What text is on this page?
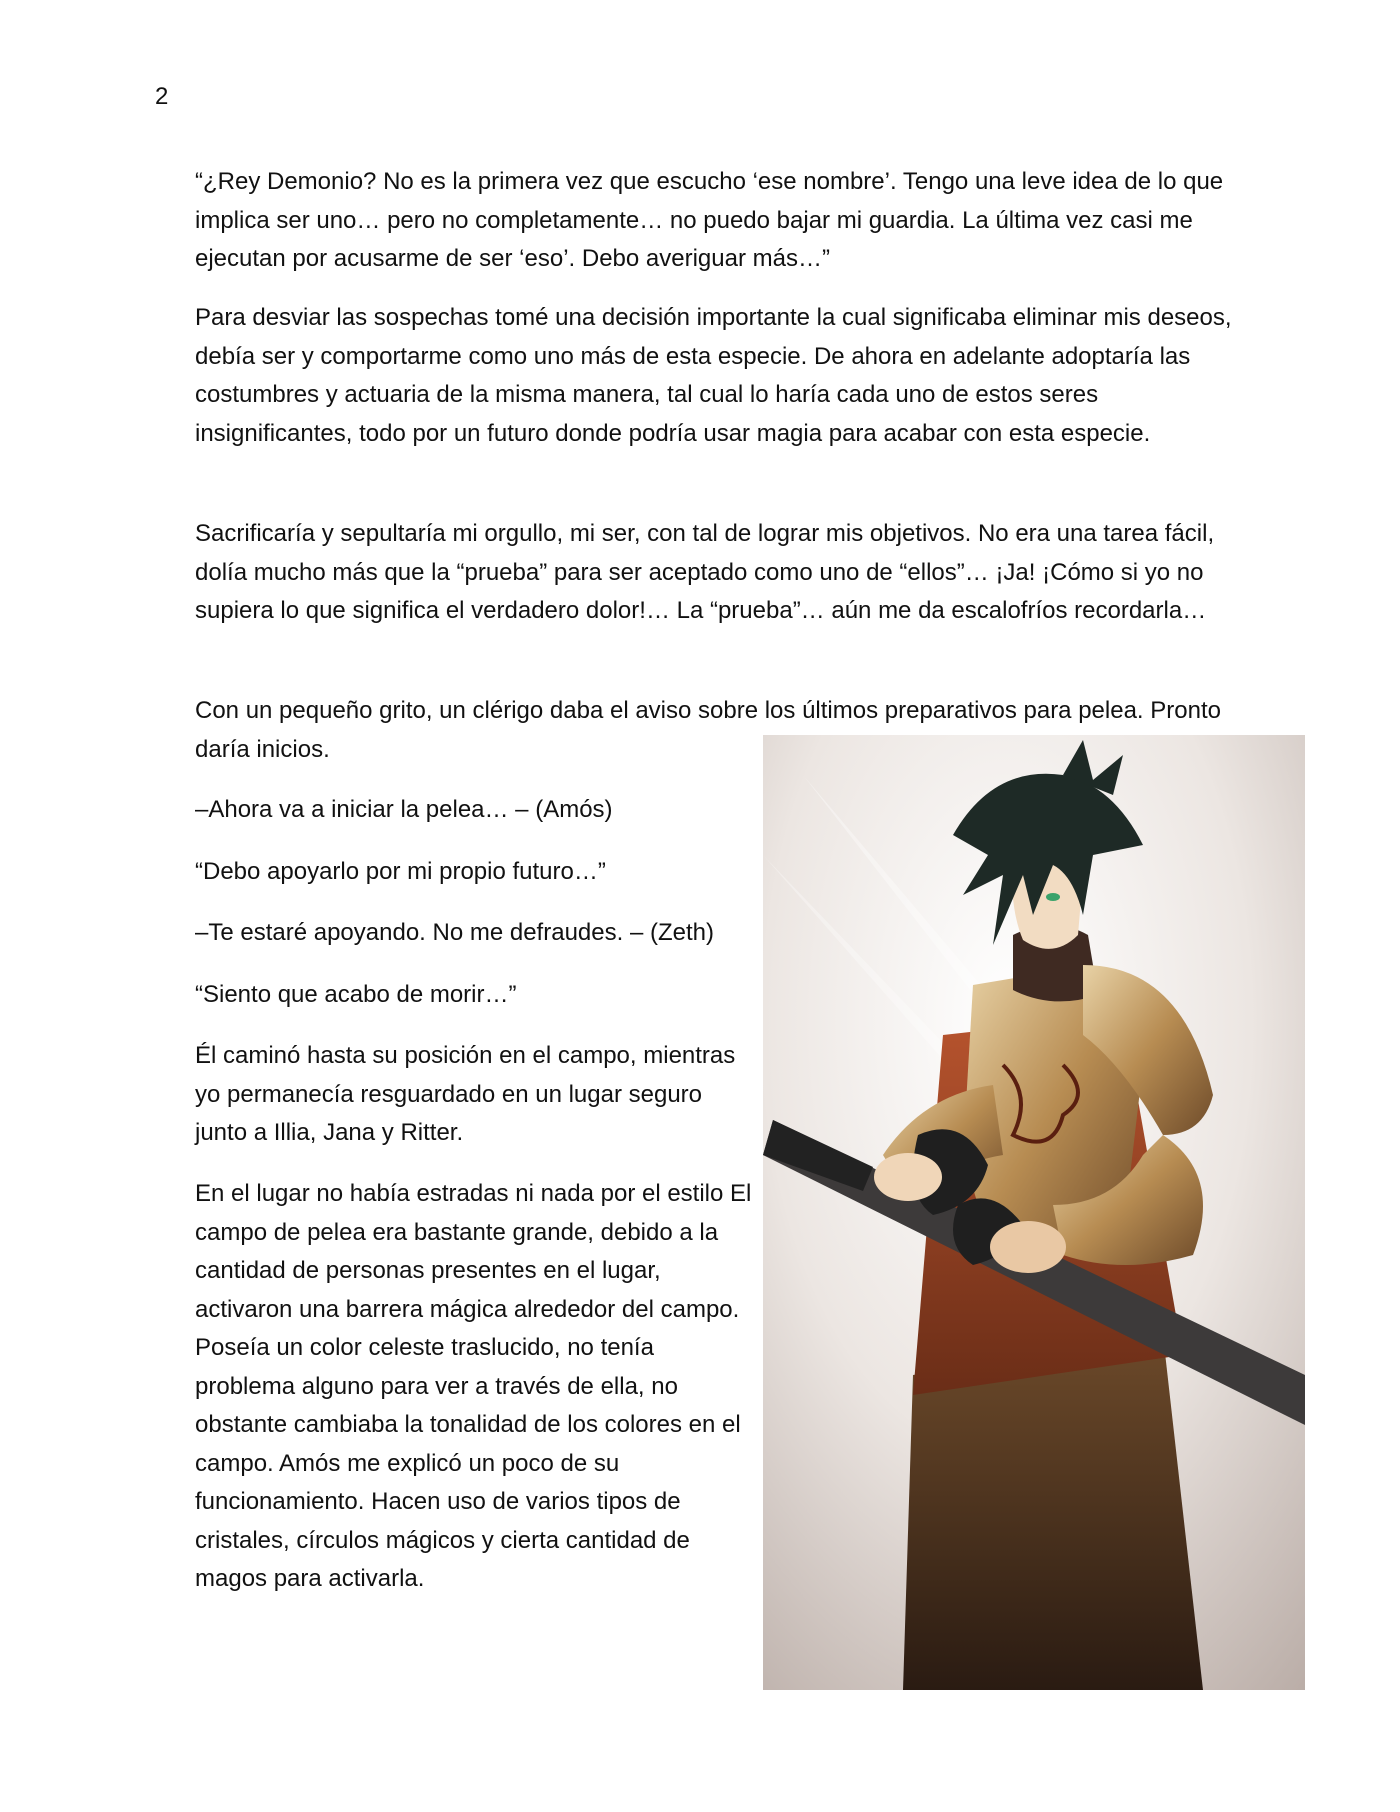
2

“¿Rey Demonio? No es la primera vez que escucho ‘ese nombre’. Tengo una leve idea de lo que implica ser uno… pero no completamente… no puedo bajar mi guardia. La última vez casi me ejecutan por acusarme de ser ‘eso’. Debo averiguar más…”

Para desviar las sospechas tomé una decisión importante la cual significaba eliminar mis deseos, debía ser y comportarme como uno más de esta especie. De ahora en adelante adoptaría las costumbres y actuaria de la misma manera, tal cual lo haría cada uno de estos seres insignificantes, todo por un futuro donde podría usar magia para acabar con esta especie.

Sacrificaría y sepultaría mi orgullo, mi ser, con tal de lograr mis objetivos. No era una tarea fácil, dolía mucho más que la “prueba” para ser aceptado como uno de “ellos”… ¡Ja! ¡Cómo si yo no supiera lo que significa el verdadero dolor!… La “prueba”… aún me da escalofríos recordarla…

Con un pequeño grito, un clérigo daba el aviso sobre los últimos preparativos para pelea. Pronto daría inicios.

–Ahora va a iniciar la pelea… – (Amós)

“Debo apoyarlo por mi propio futuro…”

–Te estaré apoyando. No me defraudes. – (Zeth)

“Siento que acabo de morir…”

Él caminó hasta su posición en el campo, mientras yo permanecía resguardado en un lugar seguro junto a Illia, Jana y Ritter.

En el lugar no había estradas ni nada por el estilo El campo de pelea era bastante grande, debido a la cantidad de personas presentes en el lugar, activaron una barrera mágica alrededor del campo. Poseía un color celeste traslucido, no tenía problema alguno para ver a través de ella, no obstante cambiaba la tonalidad de los colores en el campo. Amós me explicó un poco de su funcionamiento. Hacen uso de varios tipos de cristales, círculos mágicos y cierta cantidad de magos para activarla.
